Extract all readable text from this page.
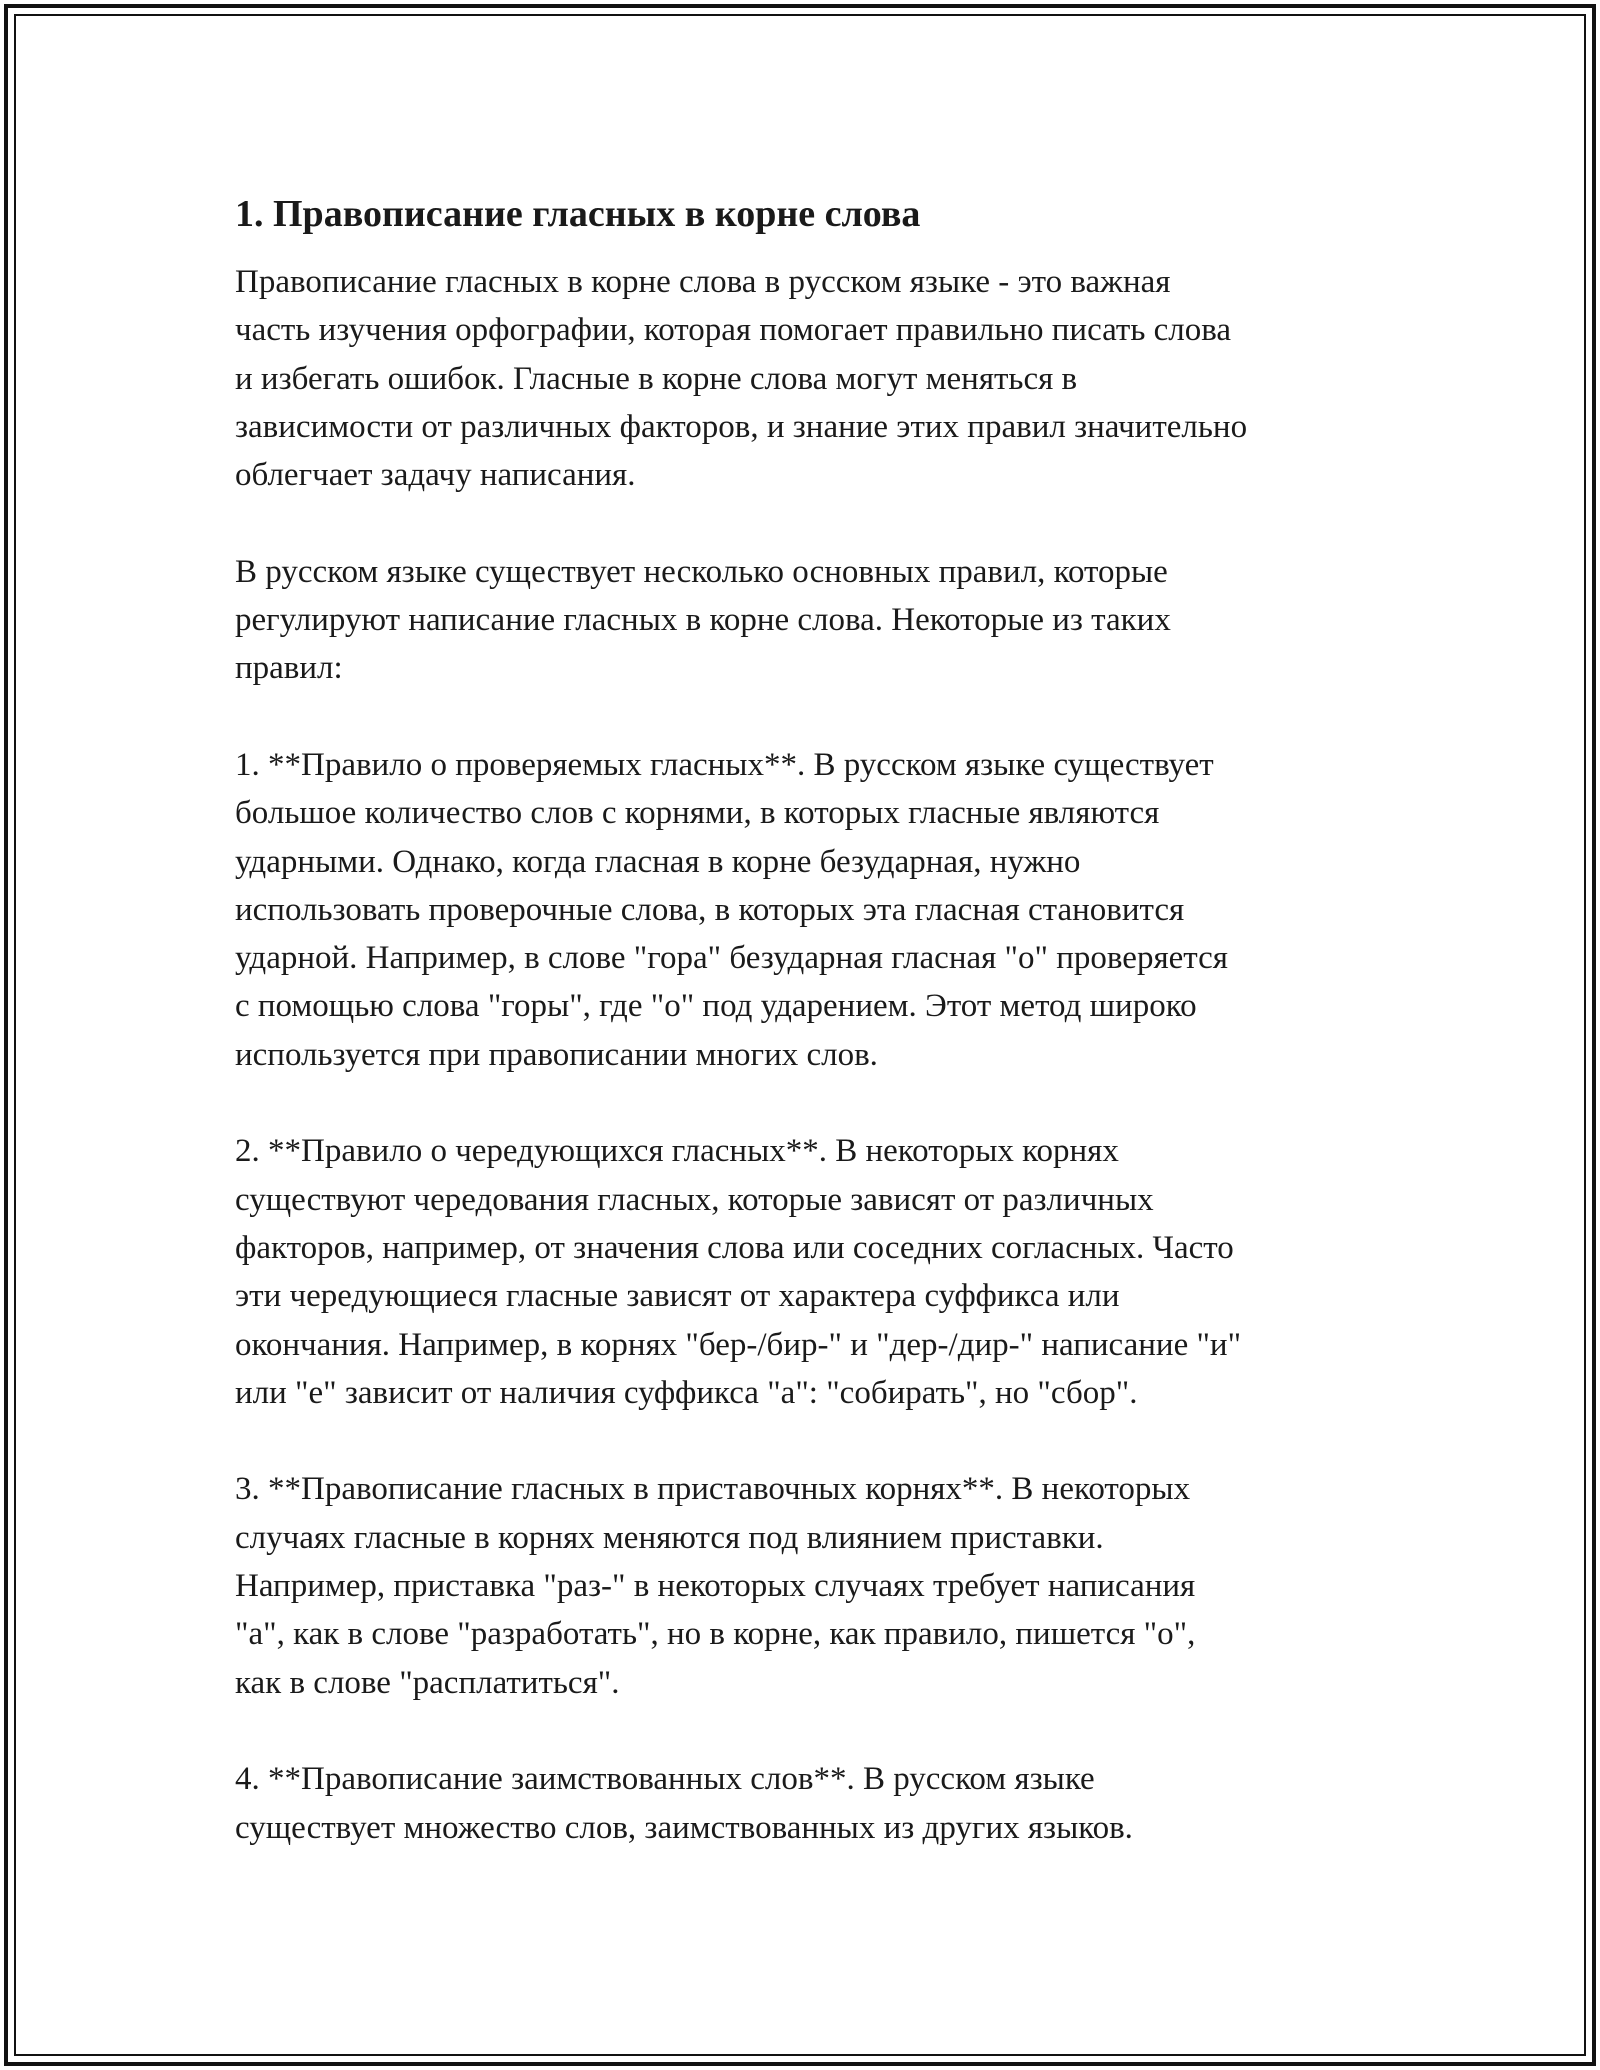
1. Правописание гласных в корне слова
Правописание гласных в корне слова в русском языке - это важная
часть изучения орфографии, которая помогает правильно писать слова
и избегать ошибок. Гласные в корне слова могут меняться в
зависимости от различных факторов, и знание этих правил значительно
облегчает задачу написания.

В русском языке существует несколько основных правил, которые
регулируют написание гласных в корне слова. Некоторые из таких
правил:

1. **Правило о проверяемых гласных**. В русском языке существует
большое количество слов с корнями, в которых гласные являются
ударными. Однако, когда гласная в корне безударная, нужно
использовать проверочные слова, в которых эта гласная становится
ударной. Например, в слове "гора" безударная гласная "о" проверяется
с помощью слова "горы", где "о" под ударением. Этот метод широко
используется при правописании многих слов.

2. **Правило о чередующихся гласных**. В некоторых корнях
существуют чередования гласных, которые зависят от различных
факторов, например, от значения слова или соседних согласных. Часто
эти чередующиеся гласные зависят от характера суффикса или
окончания. Например, в корнях "бер-/бир-" и "дер-/дир-" написание "и"
или "е" зависит от наличия суффикса "а": "собирать", но "сбор".

3. **Правописание гласных в приставочных корнях**. В некоторых
случаях гласные в корнях меняются под влиянием приставки.
Например, приставка "раз-" в некоторых случаях требует написания
"а", как в слове "разработать", но в корне, как правило, пишется "о",
как в слове "расплатиться".

4. **Правописание заимствованных слов**. В русском языке
существует множество слов, заимствованных из других языков.
